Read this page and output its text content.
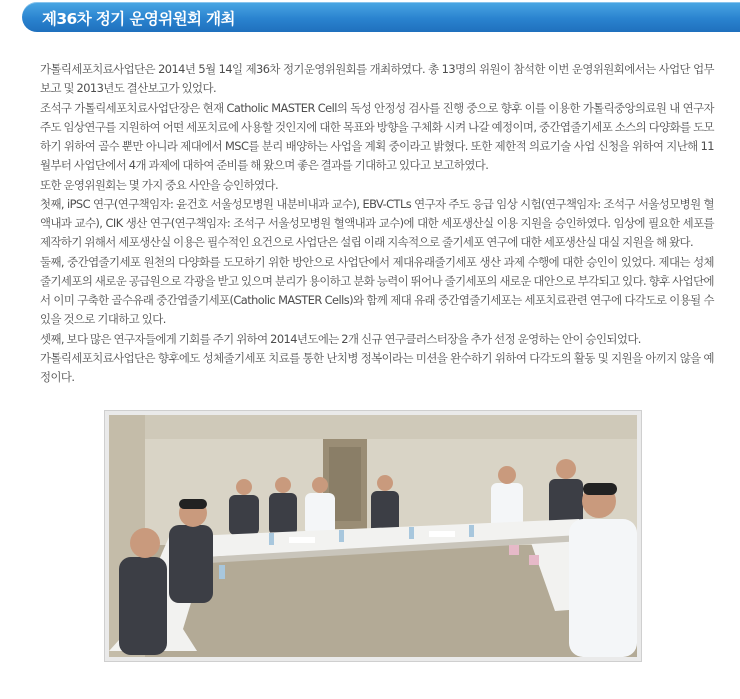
제36차 정기 운영위원회 개최

가톨릭세포치료사업단은 2014년 5월 14일 제36차 정기운영위원회를 개최하였다. 총 13명의 위원이 참석한 이번 운영위원회에서는 사업단 업무 보고 및 2013년도 결산보고가 있었다.

조석구 가톨릭세포치료사업단장은 현재 Catholic MASTER Cell의 독성 안정성 검사를 진행 중으로 향후 이를 이용한 가톨릭중앙의료원 내 연구자 주도 임상연구를 지원하여 어떤 세포치료에 사용할 것인지에 대한 목표와 방향을 구체화 시켜 나갈 예정이며, 중간엽줄기세포 소스의 다양화를 도모하기 위하여 골수 뿐만 아니라 제대에서 MSC를 분리 배양하는 사업을 계획 중이라고 밝혔다. 또한 제한적 의료기술 사업 신청을 위하여 지난해 11월부터 사업단에서 4개 과제에 대하여 준비를 해 왔으며 좋은 결과를 기대하고 있다고 보고하였다.

또한 운영위원회는 몇 가지 중요 사안을 승인하였다.

첫째, iPSC 연구(연구책임자: 윤건호 서울성모병원 내분비내과 교수), EBV-CTLs 연구자 주도 응급 임상 시험(연구책임자: 조석구 서울성모병원 혈액내과 교수), CIK 생산 연구(연구책임자: 조석구 서울성모병원 혈액내과 교수)에 대한 세포생산실 이용 지원을 승인하였다. 임상에 필요한 세포를 제작하기 위해서 세포생산실 이용은 필수적인 요건으로 사업단은 설립 이래 지속적으로 줄기세포 연구에 대한 세포생산실 대실 지원을 해 왔다.

둘째, 중간엽줄기세포 원천의 다양화를 도모하기 위한 방안으로 사업단에서 제대유래줄기세포 생산 과제 수행에 대한 승인이 있었다. 제대는 성체줄기세포의 새로운 공급원으로 각광을 받고 있으며 분리가 용이하고 분화 능력이 뛰어나 줄기세포의 새로운 대안으로 부각되고 있다. 향후 사업단에서 이미 구축한 골수유래 중간엽줄기세포(Catholic MASTER Cells)와 함께 제대 유래 중간엽줄기세포는 세포치료관련 연구에 다각도로 이용될 수 있을 것으로 기대하고 있다.

셋째, 보다 많은 연구자들에게 기회를 주기 위하여 2014년도에는 2개 신규 연구클러스터장을 추가 선정 운영하는 안이 승인되었다.

가톨릭세포치료사업단은 향후에도 성체줄기세포 치료를 통한 난치병 정복이라는 미션을 완수하기 위하여 다각도의 활동 및 지원을 아끼지 않을 예정이다.
